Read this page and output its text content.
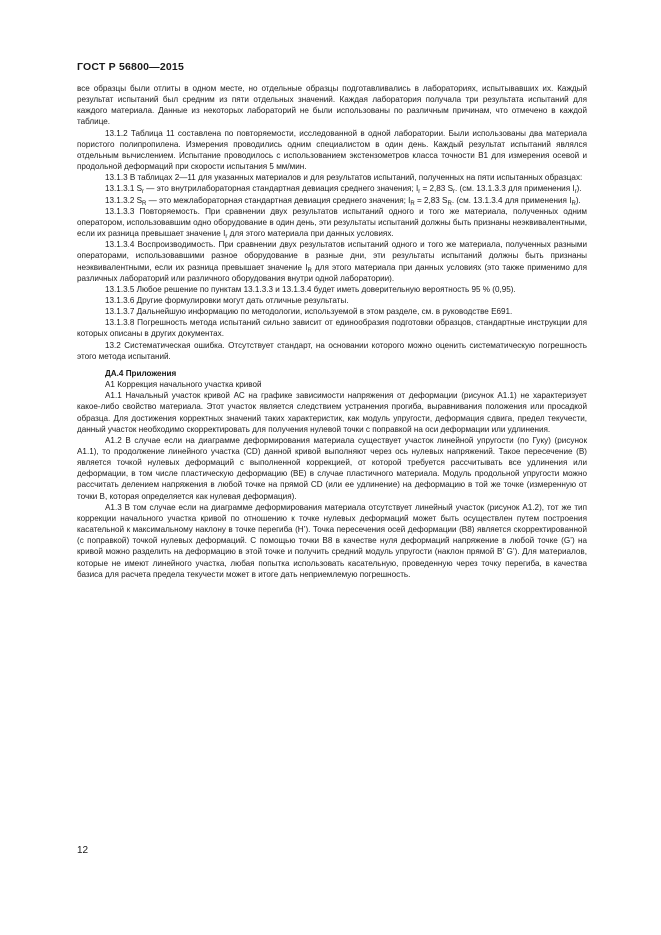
ГОСТ Р 56800—2015

все образцы были отлиты в одном месте, но отдельные образцы подготавливались в лабораториях, испытывавших их. Каждый результат испытаний был средним из пяти отдельных значений. Каждая лаборатория получала три результата испытаний для каждого материала. Данные из некоторых лабораторий не были использованы по различным причинам, что отмечено в каждой таблице.

13.1.2 Таблица 11 составлена по повторяемости, исследованной в одной лаборатории. Были использованы два материала пористого полипропилена. Измерения проводились одним специалистом в один день. Каждый результат испытаний являлся отдельным вычислением. Испытание проводилось с использованием экстензометров класса точности В1 для измерения осевой и продольной деформаций при скорости испытания 5 мм/мин.

13.1.3 В таблицах 2—11 для указанных материалов и для результатов испытаний, полученных на пяти испытанных образцах:

13.1.3.1 $S_r$ — это внутрилабораторная стандартная девиация среднего значения; $I_r = 2,83$ $S_r$. (см. 13.1.3.3 для применения $I_r$).

13.1.3.2 $S_R$ — это межлабораторная стандартная девиация среднего значения; $I_R = 2,83$ $S_R$. (см. 13.1.3.4 для применения $I_R$).

13.1.3.3 Повторяемость. При сравнении двух результатов испытаний одного и того же материала, полученных одним оператором, использовавшим одно оборудование в один день, эти результаты испытаний должны быть признаны неэквивалентными, если их разница превышает значение $I_r$ для этого материала при данных условиях.

13.1.3.4 Воспроизводимость. При сравнении двух результатов испытаний одного и того же материала, полученных разными операторами, использовавшими разное оборудование в разные дни, эти результаты испытаний должны быть признаны неэквивалентными, если их разница превышает значение $I_R$ для этого материала при данных условиях (это также применимо для различных лабораторий или различного оборудования внутри одной лаборатории).

13.1.3.5 Любое решение по пунктам 13.1.3.3 и 13.1.3.4 будет иметь доверительную вероятность 95 % (0,95).

13.1.3.6 Другие формулировки могут дать отличные результаты.

13.1.3.7 Дальнейшую информацию по методологии, используемой в этом разделе, см. в руководстве Е691.

13.1.3.8 Погрешность метода испытаний сильно зависит от единообразия подготовки образцов, стандартные инструкции для которых описаны в других документах.

13.2 Систематическая ошибка. Отсутствует стандарт, на основании которого можно оценить систематическую погрешность этого метода испытаний.

ДА.4 Приложения

А1 Коррекция начального участка кривой

А1.1 Начальный участок кривой АС на графике зависимости напряжения от деформации (рисунок А1.1) не характеризует какое-либо свойство материала. Этот участок является следствием устранения прогиба, выравнивания положения или просадкой образца. Для достижения корректных значений таких характеристик, как модуль упругости, деформация сдвига, предел текучести, данный участок необходимо скорректировать для получения нулевой точки с поправкой на оси деформации или удлинения.

А1.2 В случае если на диаграмме деформирования материала существует участок линейной упругости (по Гуку) (рисунок А1.1), то продолжение линейного участка (CD) данной кривой выполняют через ось нулевых напряжений. Такое пересечение (В) является точкой нулевых деформаций с выполненной коррекцией, от которой требуется рассчитывать все удлинения или деформации, в том числе пластическую деформацию (ВЕ) в случае пластичного материала. Модуль продольной упругости можно рассчитать делением напряжения в любой точке на прямой CD (или ее удлинение) на деформацию в той же точке (измеренную от точки В, которая определяется как нулевая деформация).

А1.3 В том случае если на диаграмме деформирования материала отсутствует линейный участок (рисунок А1.2), тот же тип коррекции начального участка кривой по отношению к точке нулевых деформаций может быть осуществлен путем построения касательной к максимальному наклону в точке перегиба (Н’). Точка пересечения осей деформации (В8) является скорректированной (с поправкой) точкой нулевых деформаций. С помощью точки В8 в качестве нуля деформаций напряжение в любой точке (G’) на кривой можно разделить на деформацию в этой точке и получить средний модуль упругости (наклон прямой В’ G’). Для материалов, которые не имеют линейного участка, любая попытка использовать касательную, проведенную через точку перегиба, в качества базиса для расчета предела текучести может в итоге дать неприемлемую погрешность.

12
